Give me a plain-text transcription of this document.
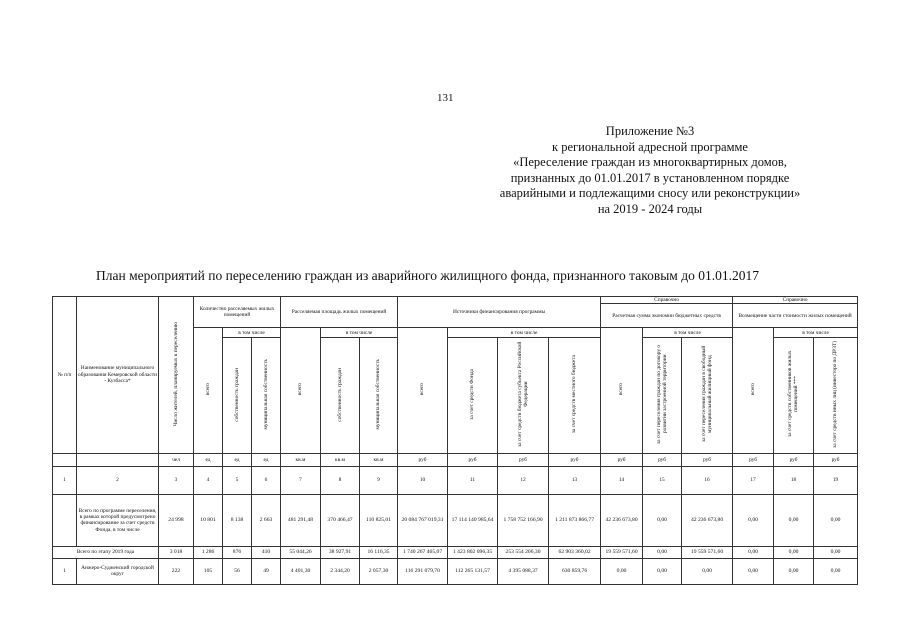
131
Приложение №3
к региональной адресной программе
«Переселение граждан из многоквартирных домов,
признанных до 01.01.2017 в установленном порядке
аварийными и подлежащими сносу или реконструкции»
на 2019 - 2024 годы
План мероприятий по переселению граждан из аварийного жилищного фонда, признанного таковым до 01.01.2017
№ п/п	Наименование муниципального образования Кемеровской области - Кузбасса*	Число жителей, планируемых к переселению	Количество расселяемых жилых помещений			Расселяемая площадь жилых помещений			Источники финансирования программы				Справочно			Справочно		
													Расчетная сумма экономии бюджетных средств			Возмещение части стоимости жилых помещений		
			всего	в том числе		всего	в том числе		всего	в том числе			всего	в том числе		всего	в том числе	
				собственность граждан	муниципальная собственность		собственность граждан	муниципальная собственность		за счет средств Фонда	за счет средств бюджета субъекта Российской Федерации	за счет средств местного бюджета		за счет переселения граждан по договору о развитии застроенной территории	за счет переселения граждан в свободный муниципальный жилищный фонд		за счет средств собственников жилых помещений ***	за счет средств иных лиц (инвестора по ДРЗТ)
		чел	ед	ед	ед	кв.м	кв.м	кв.м	руб	руб	руб	руб	руб	руб	руб	руб	руб	руб
1	2	3	4	5	6	7	8	9	10	11	12	13	14	15	16	17	18	19
	Всего по программе переселения, в рамках которой предусмотрено финансирование за счет средств Фонда, в том числе	24 998	10 801	8 138	2 663	481 291,48	370 466,47	110 825,01	20 084 767 019,31	17 114 140 985,64	1 758 752 166,90	1 211 873 866,77	42 236 673,80	0,00	42 236 673,80	0,00	0,00	0,00
Всего по этапу 2019 года		3 018	1 286	876	410	55 044,26	38 927,91	16 116,35	1 740 267 465,07	1 423 802 096,35	253 554 206,30	62 903 360,02	19 559 571,60	0,00	19 559 571,60	0,00	0,00	0,00
1	Анжеро-Судженский городской округ	222	105	56	49	4 401,30	2 344,20	2 057,30	116 291 079,70	112 265 131,57	4 395 088,37	630 859,76	0,00	0,00	0,00	0,00	0,00	0,00
